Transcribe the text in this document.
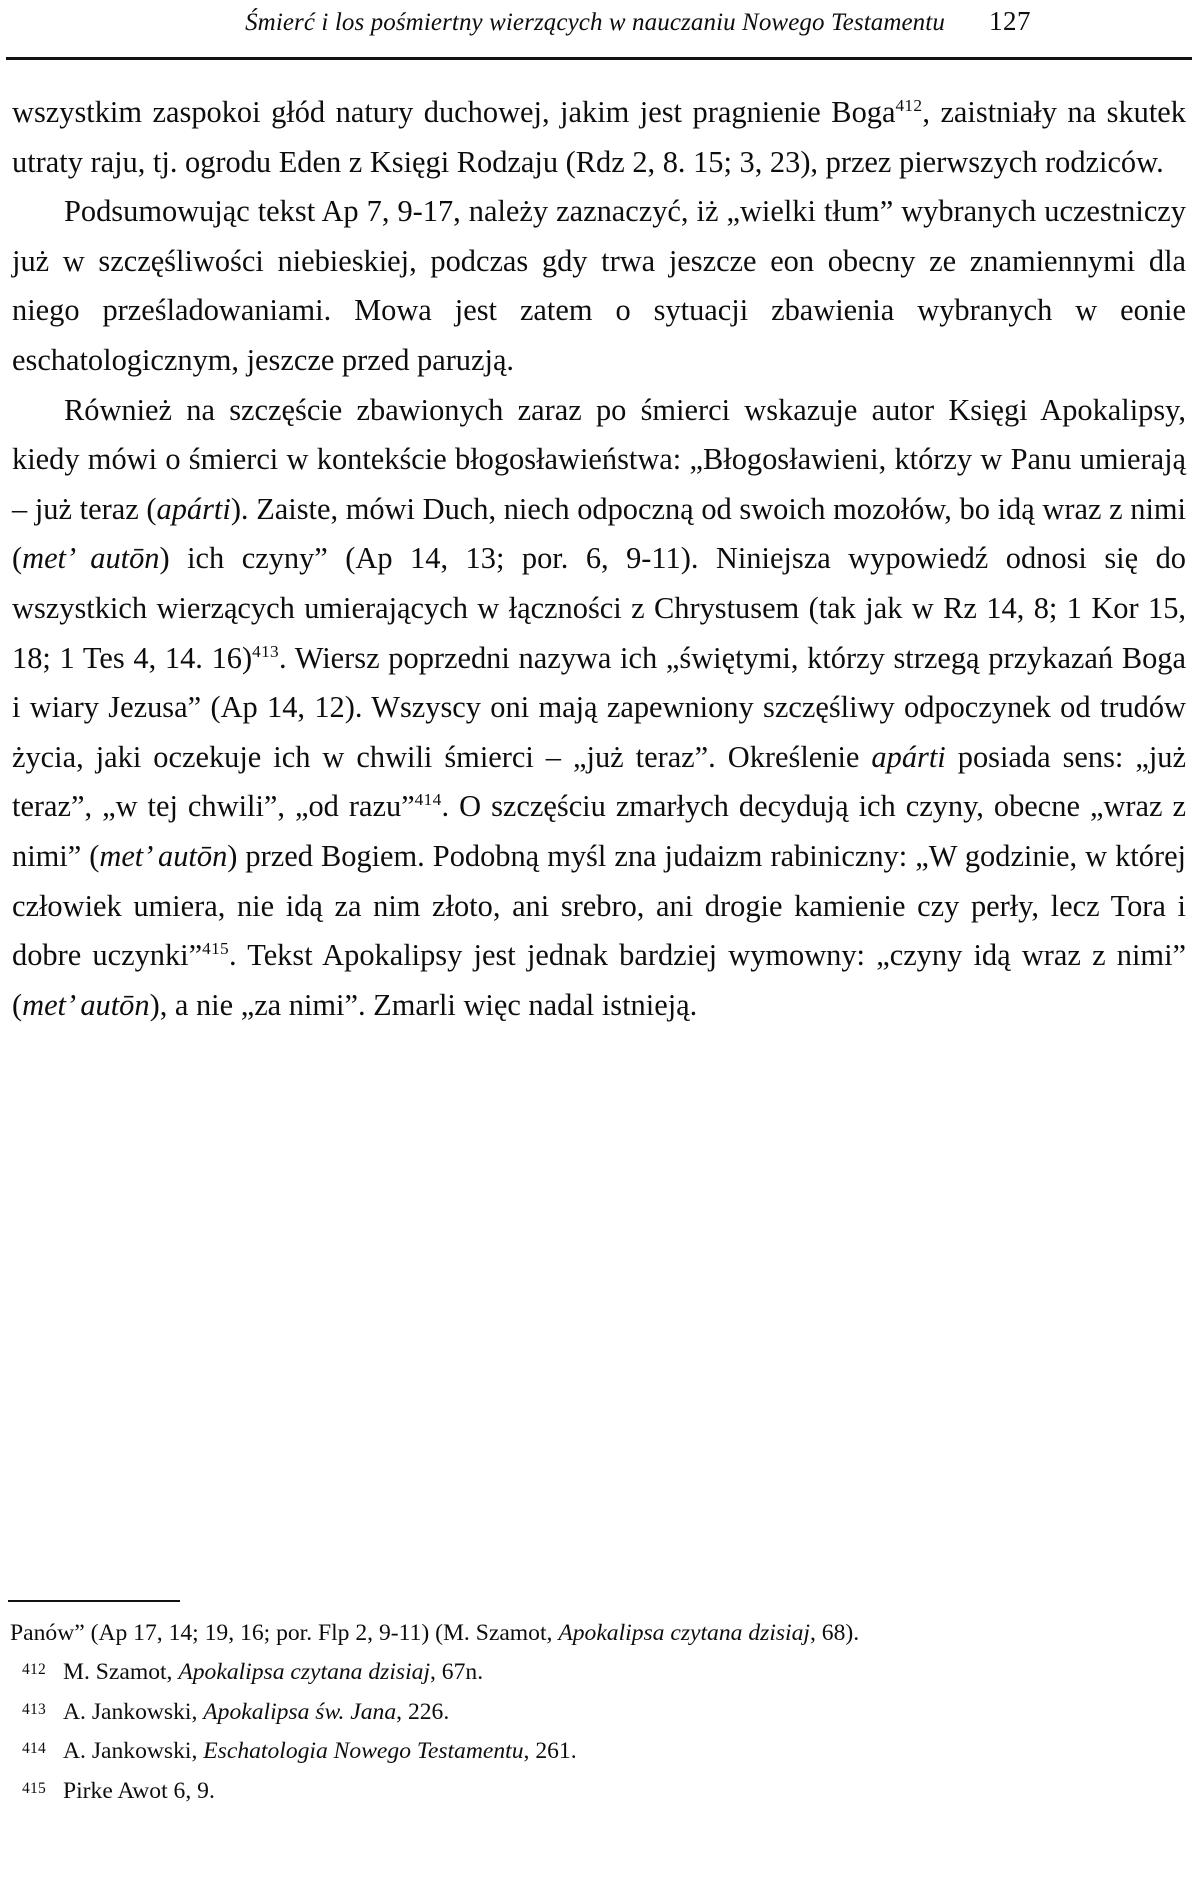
Śmierć i los pośmiertny wierzących w nauczaniu Nowego Testamentu 127

wszystkim zaspokoi głód natury duchowej, jakim jest pragnienie Boga$^{412}$, zaistniały na skutek utraty raju, tj. ogrodu Eden z Księgi Rodzaju (Rdz 2, 8. 15; 3, 23), przez pierwszych rodziców.

Podsumowując tekst Ap 7, 9-17, należy zaznaczyć, iż „wielki tłum” wybranych uczestniczy już w szczęśliwości niebieskiej, podczas gdy trwa jeszcze eon obecny ze znamiennymi dla niego prześladowaniami. Mowa jest zatem o sytuacji zbawienia wybranych w eonie eschatologicznym, jeszcze przed paruzją.

Również na szczęście zbawionych zaraz po śmierci wskazuje autor Księgi Apokalipsy, kiedy mówi o śmierci w kontekście błogosławieństwa: „Błogosławieni, którzy w Panu umierają – już teraz (apárti). Zaiste, mówi Duch, niech odpoczną od swoich mozołów, bo idą wraz z nimi (met’ autōn) ich czyny” (Ap 14, 13; por. 6, 9-11). Niniejsza wypowiedź odnosi się do wszystkich wierzących umierających w łączności z Chrystusem (tak jak w Rz 14, 8; 1 Kor 15, 18; 1 Tes 4, 14. 16)$^{413}$. Wiersz poprzedni nazywa ich „świętymi, którzy strzegą przykazań Boga i wiary Jezusa” (Ap 14, 12). Wszyscy oni mają zapewniony szczęśliwy odpoczynek od trudów życia, jaki oczekuje ich w chwili śmierci – „już teraz”. Określenie apárti posiada sens: „już teraz”, „w tej chwili”, „od razu”$^{414}$. O szczęściu zmarłych decydują ich czyny, obecne „wraz z nimi” (met’ autōn) przed Bogiem. Podobną myśl zna judaizm rabiniczny: „W godzinie, w której człowiek umiera, nie idą za nim złoto, ani srebro, ani drogie kamienie czy perły, lecz Tora i dobre uczynki”$^{415}$. Tekst Apokalipsy jest jednak bardziej wymowny: „czyny idą wraz z nimi” (met’ autōn), a nie „za nimi”. Zmarli więc nadal istnieją.

Panów” (Ap 17, 14; 19, 16; por. Flp 2, 9-11) (M. Szamot, Apokalipsa czytana dzisiaj, 68).

412 M. Szamot, Apokalipsa czytana dzisiaj, 67n.

413 A. Jankowski, Apokalipsa św. Jana, 226.

414 A. Jankowski, Eschatologia Nowego Testamentu, 261.

415 Pirke Awot 6, 9.
